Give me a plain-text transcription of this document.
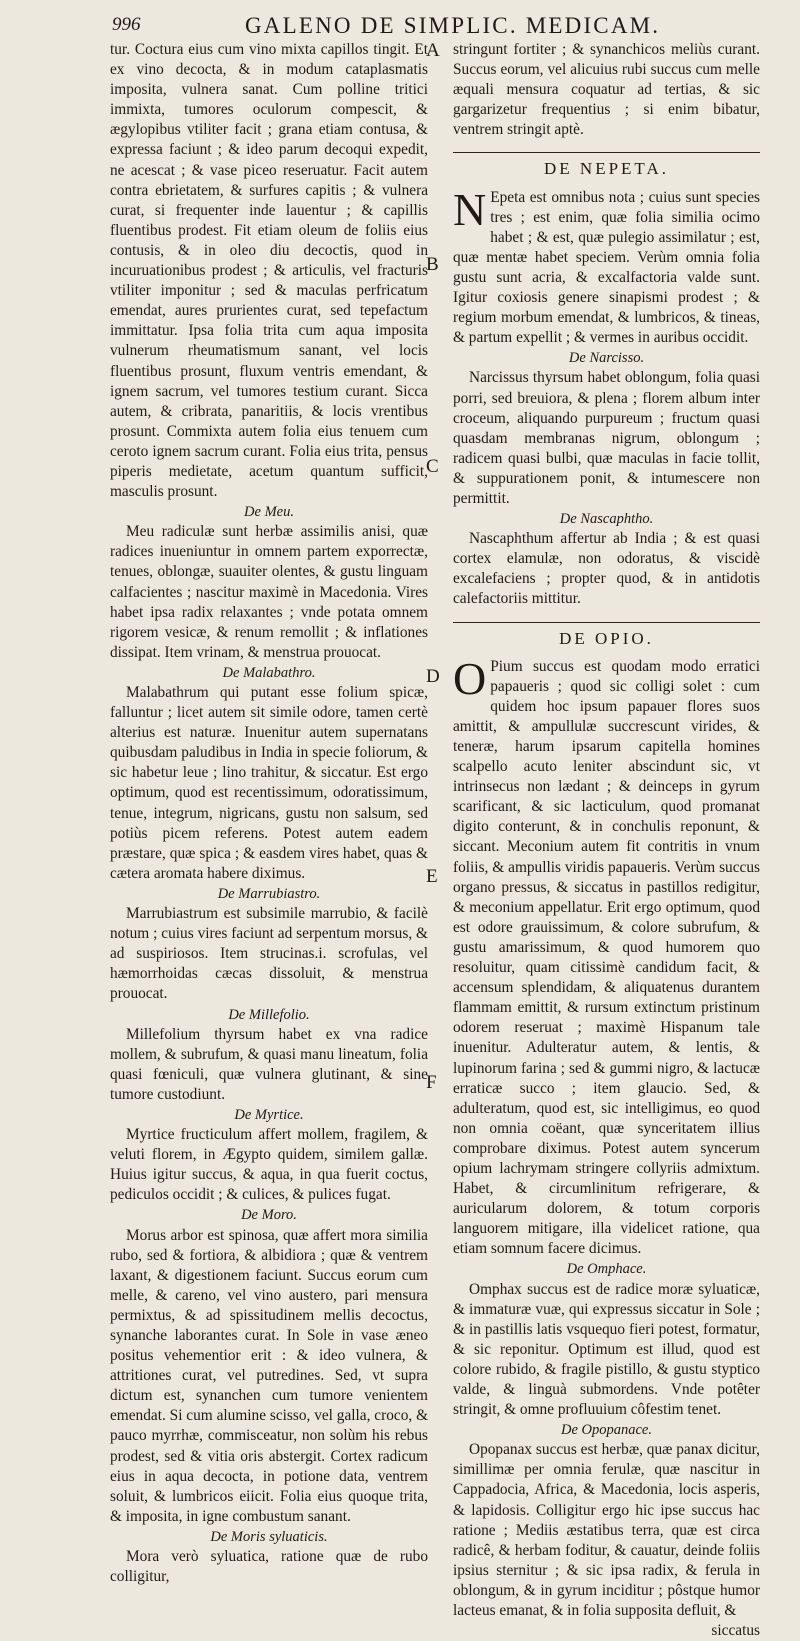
996	GALENO DE SIMPLIC. MEDICAM.
A
B
C
D
E
F

tur. Coctura eius cum vino mixta capillos tingit. Et ex vino decocta, & in modum cataplasmatis imposita, vulnera sanat. Cum polline tritici immixta, tumores oculorum compescit, & ægylopibus vtiliter facit ; grana etiam contusa, & expressa faciunt ; & ideo parum decoqui expedit, ne acescat ; & vase piceo reseruatur. Facit autem contra ebrietatem, & surfures capitis ; & vulnera curat, si frequenter inde lauentur ; & capillis fluentibus prodest. Fit etiam oleum de foliis eius contusis, & in oleo diu decoctis, quod in incuruationibus prodest ; & articulis, vel fracturis vtiliter imponitur ; sed & maculas perfricatum emendat, aures prurientes curat, sed tepefactum immittatur. Ipsa folia trita cum aqua imposita vulnerum rheumatismum sanant, vel locis fluentibus prosunt, fluxum ventris emendant, & ignem sacrum, vel tumores testium curant. Sicca autem, & cribrata, panaritiis, & locis vrentibus prosunt. Commixta autem folia eius tenuem cum ceroto ignem sacrum curant. Folia eius trita, pensus piperis medietate, acetum quantum sufficit, masculis prosunt.

De Meu.

Meu radiculæ sunt herbæ assimilis anisi, quæ radices inueniuntur in omnem partem exporrectæ, tenues, oblongæ, suauiter olentes, & gustu linguam calfacientes ; nascitur maximè in Macedonia. Vires habet ipsa radix relaxantes ; vnde potata omnem rigorem vesicæ, & renum remollit ; & inflationes dissipat. Item vrinam, & menstrua prouocat.

De Malabathro.

Malabathrum qui putant esse folium spicæ, falluntur ; licet autem sit simile odore, tamen certè alterius est naturæ. Inuenitur autem supernatans quibusdam paludibus in India in specie foliorum, & sic habetur leue ; lino trahitur, & siccatur. Est ergo optimum, quod est recentissimum, odoratissimum, tenue, integrum, nigricans, gustu non salsum, sed potiùs picem referens. Potest autem eadem præstare, quæ spica ; & easdem vires habet, quas & cætera aromata habere diximus.

De Marrubiastro.

Marrubiastrum est subsimile marrubio, & facilè notum ; cuius vires faciunt ad serpentum morsus, & ad suspiriosos. Item strucinas.i. scrofulas, vel hæmorrhoidas cæcas dissoluit, & menstrua prouocat.

De Millefolio.

Millefolium thyrsum habet ex vna radice mollem, & subrufum, & quasi manu lineatum, folia quasi fœniculi, quæ vulnera glutinant, & sine tumore custodiunt.

De Myrtice.

Myrtice fructiculum affert mollem, fragilem, & veluti florem, in Ægypto quidem, similem gallæ. Huius igitur succus, & aqua, in qua fuerit coctus, pediculos occidit ; & culices, & pulices fugat.

De Moro.

Morus arbor est spinosa, quæ affert mora similia rubo, sed & fortiora, & albidiora ; quæ & ventrem laxant, & digestionem faciunt. Succus eorum cum melle, & careno, vel vino austero, pari mensura permixtus, & ad spissitudinem mellis decoctus, synanche laborantes curat. In Sole in vase æneo positus vehementior erit : & ideo vulnera, & attritiones curat, vel putredines. Sed, vt supra dictum est, synanchen cum tumore venientem emendat. Si cum alumine scisso, vel galla, croco, & pauco myrrhæ, commisceatur, non solùm his rebus prodest, sed & vitia oris abstergit. Cortex radicum eius in aqua decocta, in potione data, ventrem soluit, & lumbricos eiicit. Folia eius quoque trita, & imposita, in igne combustum sanant.

De Moris syluaticis.

Mora verò syluatica, ratione quæ de rubo colligitur,

stringunt fortiter ; & synanchicos meliùs curant. Succus eorum, vel alicuius rubi succus cum melle æquali mensura coquatur ad tertias, & sic gargarizetur frequentius ; si enim bibatur, ventrem stringit aptè.

DE NEPETA.

N Epeta est omnibus nota ; cuius sunt species tres ; est enim, quæ folia similia ocimo habet ; & est, quæ pulegio assimilatur ; est, quæ mentæ habet speciem. Verùm omnia folia gustu sunt acria, & excalfactoria valde sunt. Igitur coxiosis genere sinapismi prodest ; & regium morbum emendat, & lumbricos, & tineas, & partum expellit ; & vermes in auribus occidit.

De Narcisso.

Narcissus thyrsum habet oblongum, folia quasi porri, sed breuiora, & plena ; florem album inter croceum, aliquando purpureum ; fructum quasi quasdam membranas nigrum, oblongum ; radicem quasi bulbi, quæ maculas in facie tollit, & suppurationem ponit, & intumescere non permittit.

De Nascaphtho.

Nascaphthum affertur ab India ; & est quasi cortex elamulæ, non odoratus, & viscidè excalefaciens ; propter quod, & in antidotis calefactoriis mittitur.

DE OPIO.

O Pium succus est quodam modo erratici papaueris ; quod sic colligi solet : cum quidem hoc ipsum papauer flores suos amittit, & ampullulæ succrescunt virides, & teneræ, harum ipsarum capitella homines scalpello acuto leniter abscindunt sic, vt intrinsecus non lædant ; & deinceps in gyrum scarificant, & sic lacticulum, quod promanat digito conterunt, & in conchulis reponunt, & siccant. Meconium autem fit contritis in vnum foliis, & ampullis viridis papaueris. Verùm succus organo pressus, & siccatus in pastillos redigitur, & meconium appellatur. Erit ergo optimum, quod est odore grauissimum, & colore subrufum, & gustu amarissimum, & quod humorem quo resoluitur, quam citissimè candidum facit, & accensum splendidam, & aliquatenus durantem flammam emittit, & rursum extinctum pristinum odorem reseruat ; maximè Hispanum tale inuenitur. Adulteratur autem, & lentis, & lupinorum farina ; sed & gummi nigro, & lactucæ erraticæ succo ; item glaucio. Sed, & adulteratum, quod est, sic intelligimus, eo quod non omnia coëant, quæ synceritatem illius comprobare diximus. Potest autem syncerum opium lachrymam stringere collyriis admixtum. Habet, & circumlinitum refrigerare, & auricularum dolorem, & totum corporis languorem mitigare, illa videlicet ratione, qua etiam somnum facere dicimus.

De Omphace.

Omphax succus est de radice moræ syluaticæ, & immaturæ vuæ, qui expressus siccatur in Sole ; & in pastillis latis vsquequo fieri potest, formatur, & sic reponitur. Optimum est illud, quod est colore rubido, & fragile pistillo, & gustu styptico valde, & linguà submordens. Vnde potêter stringit, & omne profluuium côfestim tenet.

De Opopanace.

Opopanax succus est herbæ, quæ panax dicitur, simillimæ per omnia ferulæ, quæ nascitur in Cappadocia, Africa, & Macedonia, locis asperis, & lapidosis. Colligitur ergo hic ipse succus hac ratione ; Mediis æstatibus terra, quæ est circa radicê, & herbam foditur, & cauatur, deinde foliis ipsius sternitur ; & sic ipsa radix, & ferula in oblongum, & in gyrum inciditur ; pôstque humor lacteus emanat, & in folia supposita defluit, &

siccatus
